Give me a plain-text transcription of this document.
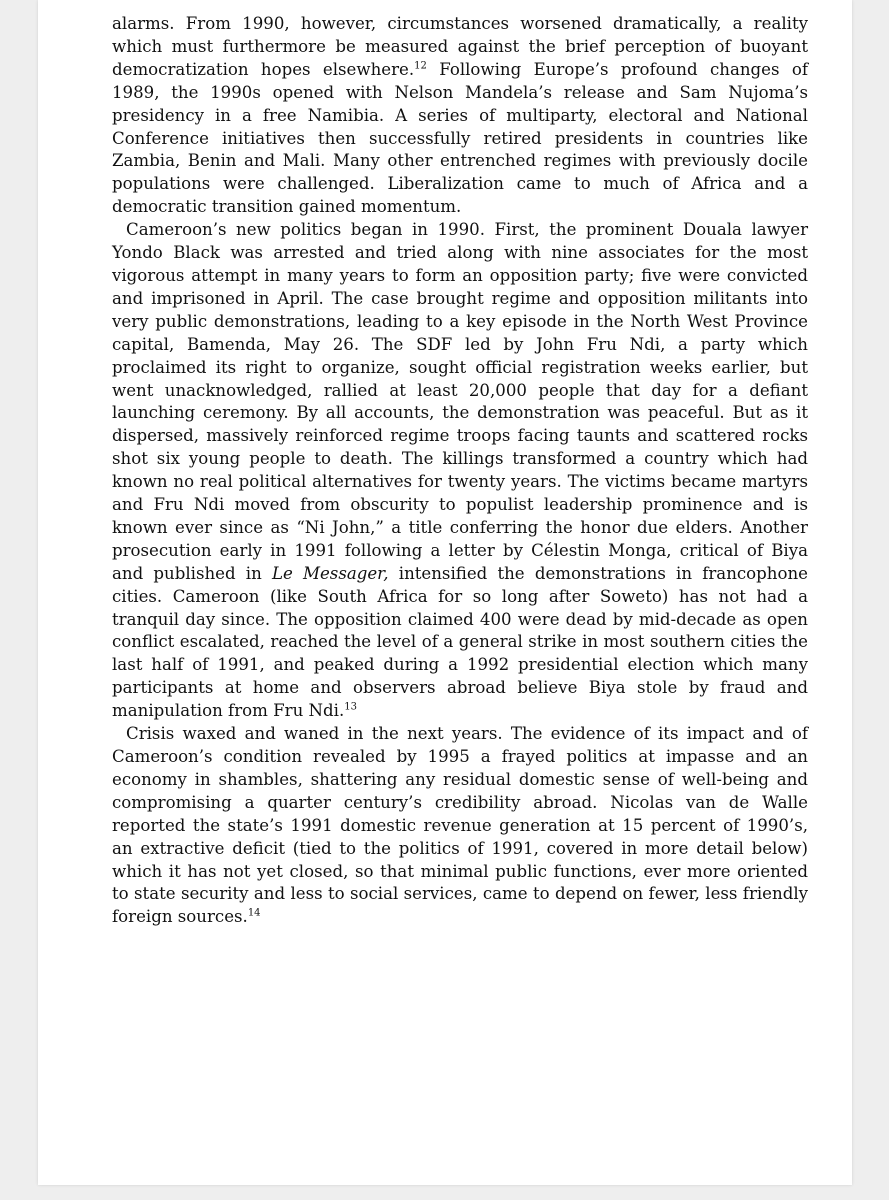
alarms. From 1990, however, circumstances worsened dramatically, a reality which must furthermore be measured against the brief perception of buoyant democratization hopes elsewhere.$^{12}$ Following Europe’s profound changes of 1989, the 1990s opened with Nelson Mandela’s release and Sam Nujoma’s presidency in a free Namibia. A series of multiparty, electoral and National Conference initiatives then successfully retired presidents in countries like Zambia, Benin and Mali. Many other entrenched regimes with previously docile populations were challenged. Liberalization came to much of Africa and a democratic transition gained momentum.

Cameroon’s new politics began in 1990. First, the prominent Douala lawyer Yondo Black was arrested and tried along with nine associates for the most vigorous attempt in many years to form an opposition party; five were convicted and imprisoned in April. The case brought regime and opposition militants into very public demonstrations, leading to a key episode in the North West Province capital, Bamenda, May 26. The SDF led by John Fru Ndi, a party which proclaimed its right to organize, sought official registration weeks earlier, but went unacknowledged, rallied at least 20,000 people that day for a defiant launching ceremony. By all accounts, the demonstration was peaceful. But as it dispersed, massively reinforced regime troops facing taunts and scattered rocks shot six young people to death. The killings transformed a country which had known no real political alternatives for twenty years. The victims became martyrs and Fru Ndi moved from obscurity to populist leadership prominence and is known ever since as “Ni John,” a title conferring the honor due elders. Another prosecution early in 1991 following a letter by Célestin Monga, critical of Biya and published in Le Messager, intensified the demonstrations in francophone cities. Cameroon (like South Africa for so long after Soweto) has not had a tranquil day since. The opposition claimed 400 were dead by mid-decade as open conflict escalated, reached the level of a general strike in most southern cities the last half of 1991, and peaked during a 1992 presidential election which many participants at home and observers abroad believe Biya stole by fraud and manipulation from Fru Ndi.$^{13}$

Crisis waxed and waned in the next years. The evidence of its impact and of Cameroon’s condition revealed by 1995 a frayed politics at impasse and an economy in shambles, shattering any residual domestic sense of well-being and compromising a quarter century’s credibility abroad. Nicolas van de Walle reported the state’s 1991 domestic revenue generation at 15 percent of 1990’s, an extractive deficit (tied to the politics of 1991, covered in more detail below) which it has not yet closed, so that minimal public functions, ever more oriented to state security and less to social services, came to depend on fewer, less friendly foreign sources.$^{14}$
